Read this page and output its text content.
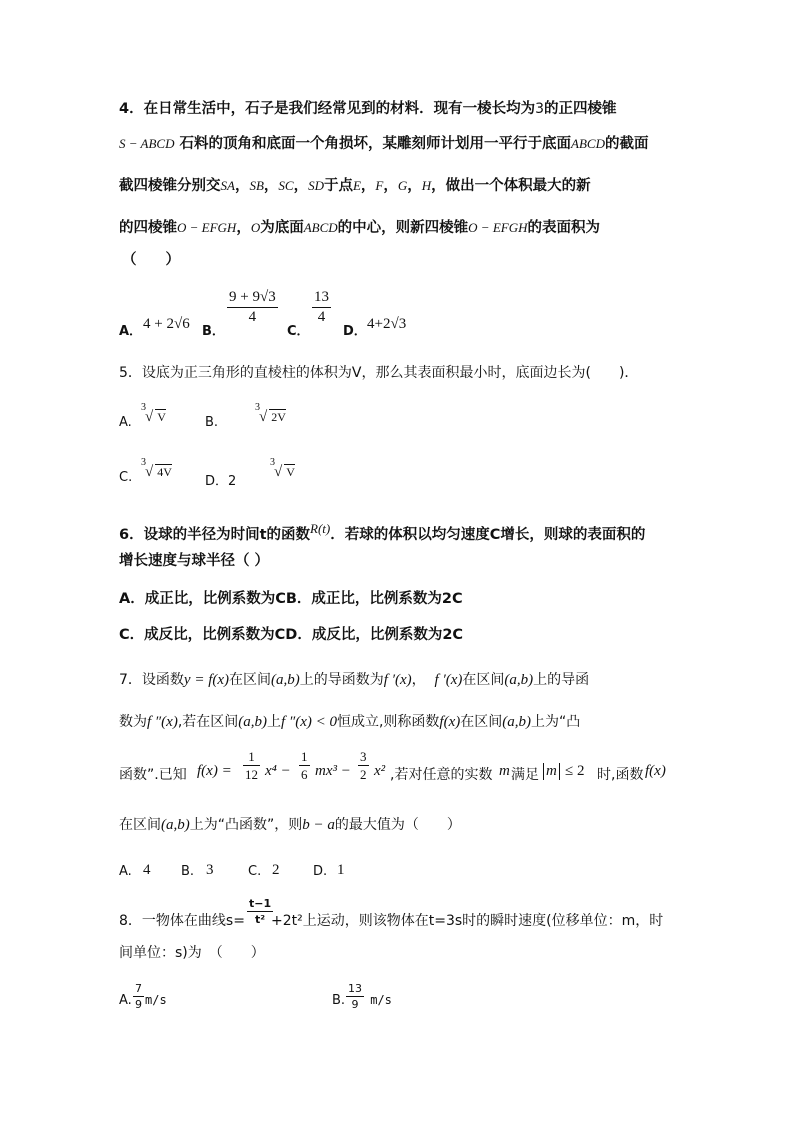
4．在日常生活中，石子是我们经常见到的材料．现有一棱长均为3的正四棱锥
S − ABCD 石料的顶角和底面一个角损坏，某雕刻师计划用一平行于底面ABCD的截面
截四棱锥分别交SA，SB，SC，SD于点E，F，G，H，做出一个体积最大的新
的四棱锥O − EFGH，O为底面ABCD的中心，则新四棱锥O − EFGH的表面积为
（　　）
A． 4 + 2√6 B．
$\frac{9 + 9√3}{4}$
C．
$\frac{13}{4}$
D． 4+2√3
5．设底为正三角形的直棱柱的体积为V，那么其表面积最小时，底面边长为(　　)．
A.
3
√ V	B.
3
√ 2V
C.
3
√ 4V
D．2
3
√ V
6．设球的半径为时间t的函数R(t)．若球的体积以均匀速度C增长，则球的表面积的
增长速度与球半径（ ）
A．成正比，比例系数为CB．成正比，比例系数为2C
C．成反比，比例系数为CD．成反比，比例系数为2C
7．设函数y = f(x)在区间(a,b)上的导函数为f ′(x)， f ′(x)在区间(a,b)上的导函
数为f ″(x),若在区间(a,b)上f ″(x) < 0恒成立,则称函数f(x)在区间(a,b)上为“凸
函数”.已知 $f(x) = \frac{1}{12} x^4 - \frac{1}{6} mx^3 - \frac{3}{2} x^2$ ,若对任意的实数 m 满足 m ≤ 2 时,函数 f(x)
在区间(a,b)上为“凸函数”，则b − a的最大值为（　　）
A. 4 B. 3	C. 2	D. 1
8．一物体在曲线$s= \frac{t-1}{\text{t²}}$
+2t²上运动，则该物体在t=3s时的瞬时速度(位移单位：m，时
间单位：s)为　（　　）
A. $\frac{7}{9} m/s$	B. $\frac{13}{9} m/s$
